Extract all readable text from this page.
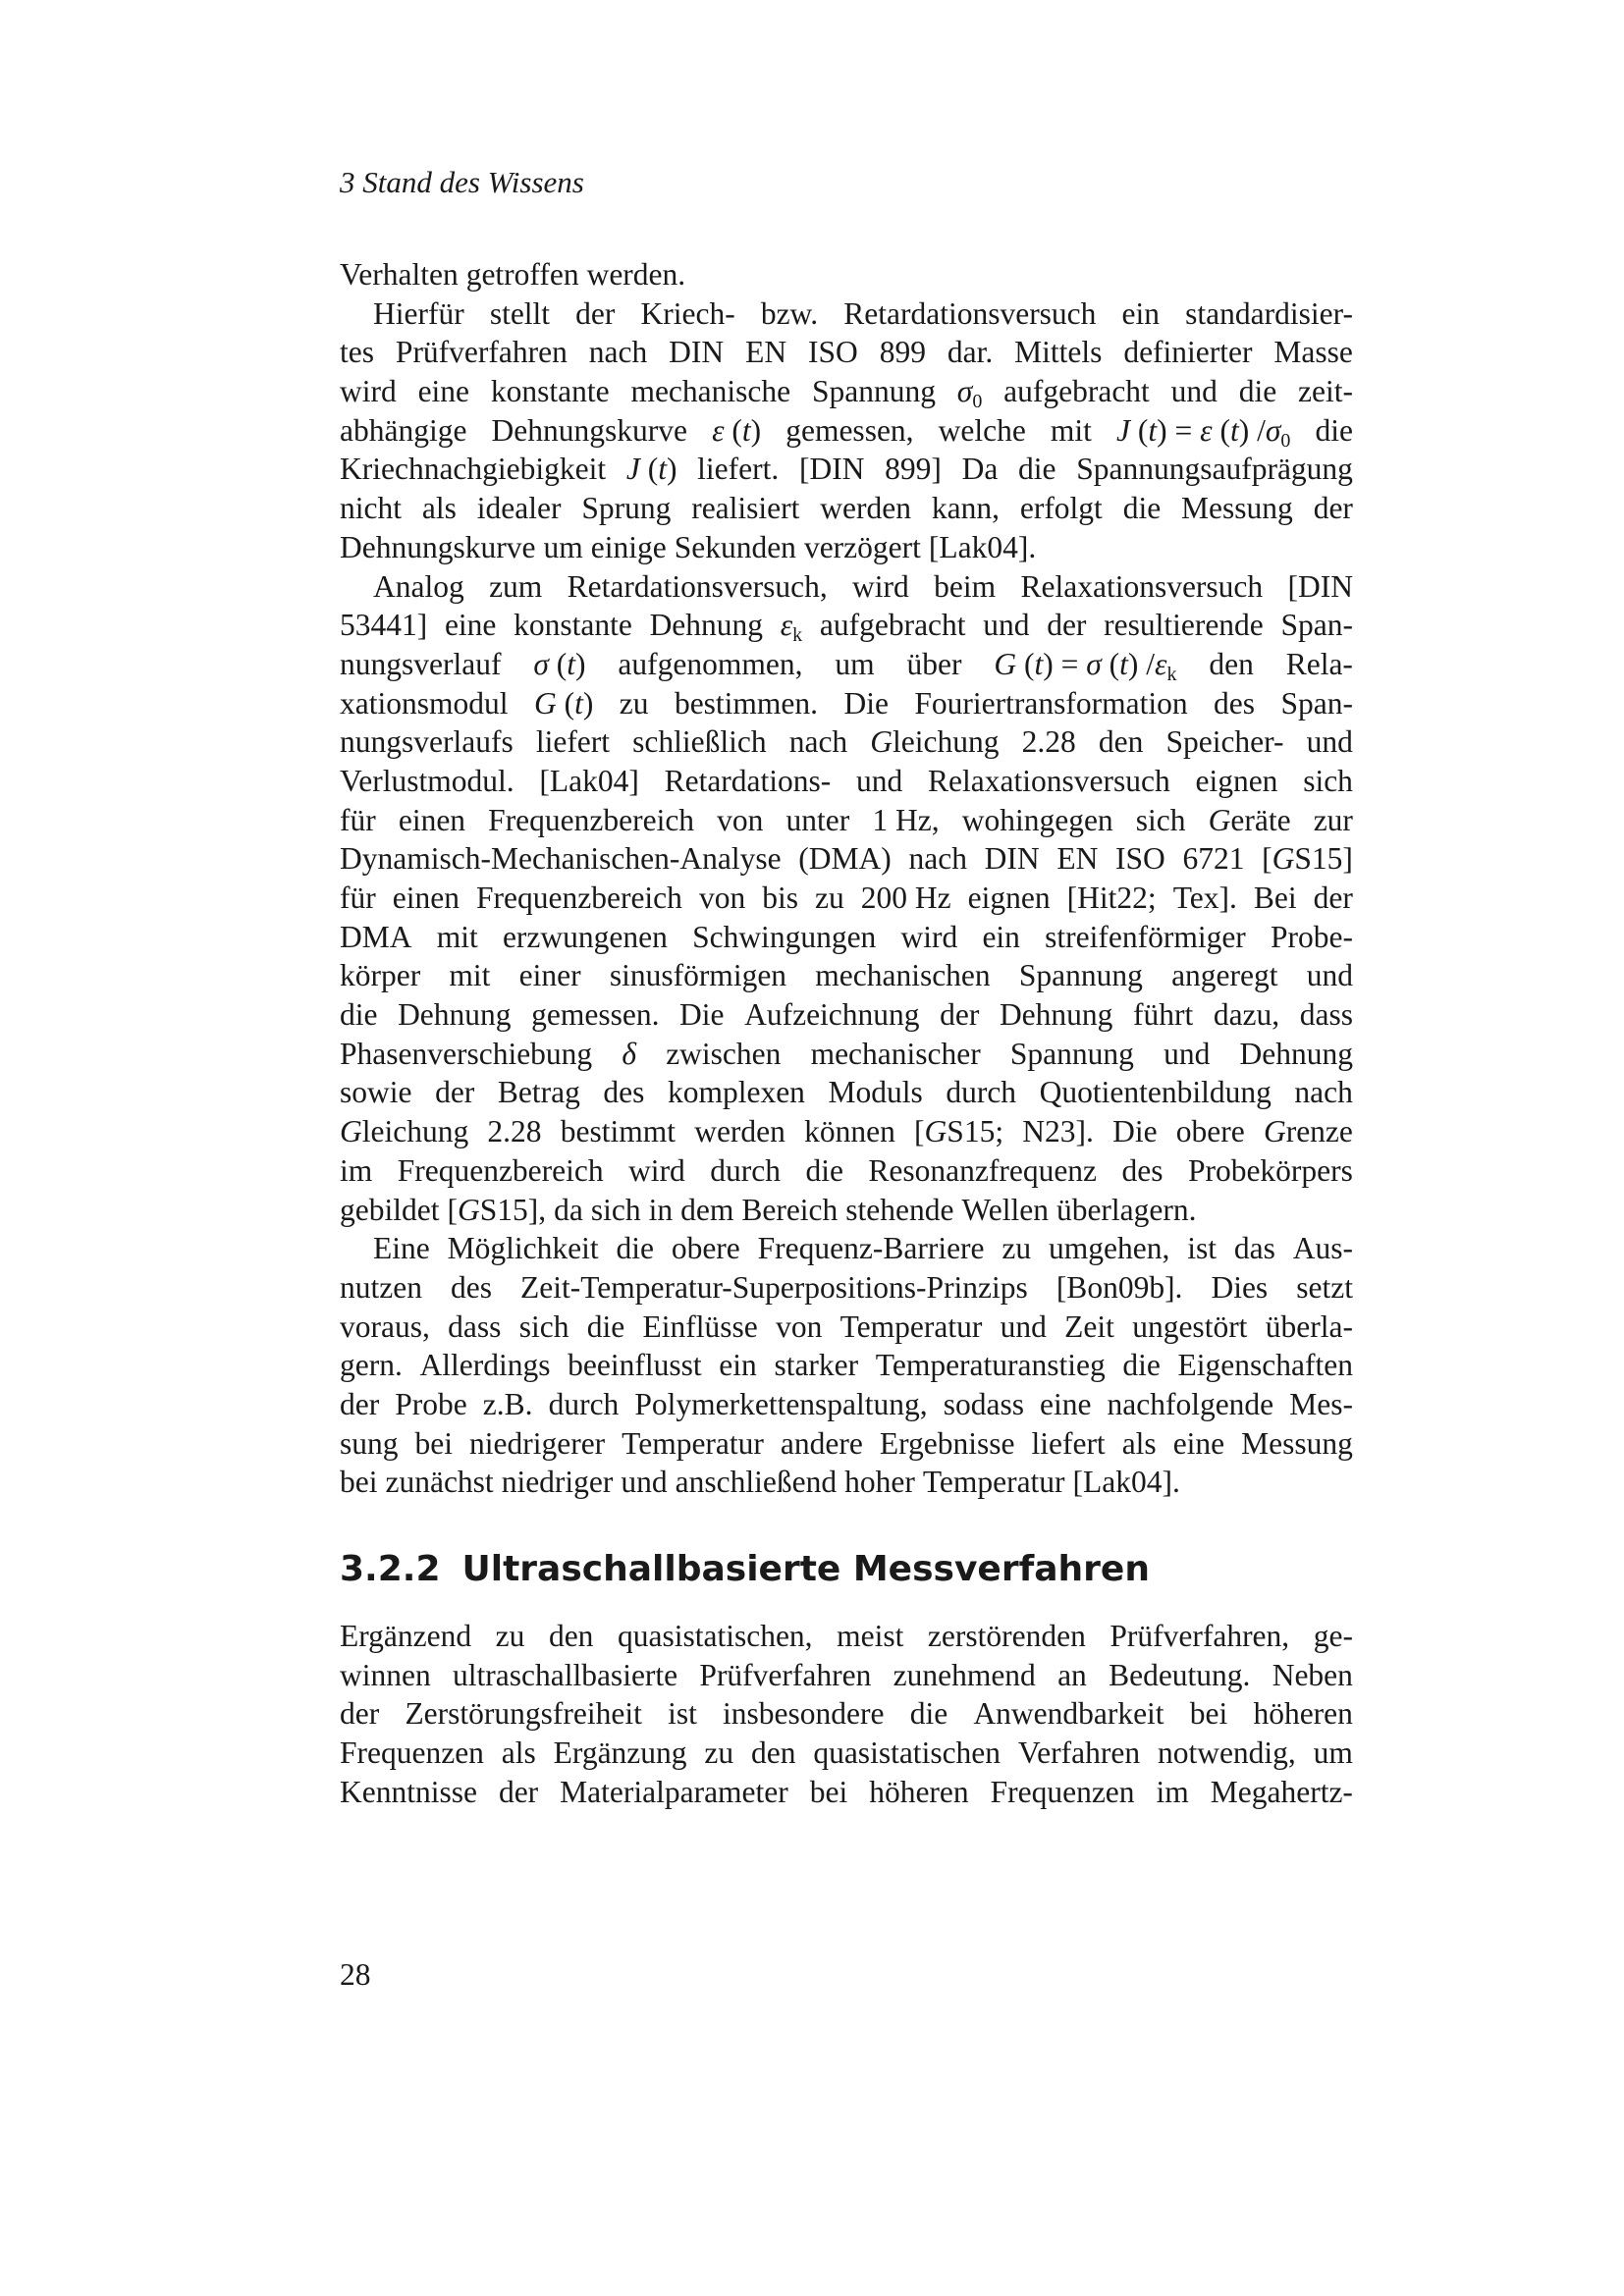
3 Stand des Wissens
Verhalten getroffen werden.
Hierfür stellt der Kriech- bzw. Retardationsversuch ein standardisier-
tes Prüfverfahren nach DIN EN ISO 899 dar. Mittels definierter Masse
wird eine konstante mechanische Spannung $\sigma_0$ aufgebracht und die zeit-
abhängige Dehnungskurve ε (t) gemessen, welche mit J (t) = ε (t) $/\sigma_0$ die
Kriechnachgiebigkeit J (t) liefert. [DIN 899] Da die Spannungsaufprägung
nicht als idealer Sprung realisiert werden kann, erfolgt die Messung der
Dehnungskurve um einige Sekunden verzögert [Lak04].
Analog zum Retardationsversuch, wird beim Relaxationsversuch [DIN
53441] eine konstante Dehnung $\varepsilon_k$ aufgebracht und der resultierende Span-
nungsverlauf σ (t) aufgenommen, um über G (t) = σ (t) $/\varepsilon_k$ den Rela-
xationsmodul G (t) zu bestimmen. Die Fouriertransformation des Span-
nungsverlaufs liefert schließlich nach Gleichung 2.28 den Speicher- und
Verlustmodul. [Lak04] Retardations- und Relaxationsversuch eignen sich
für einen Frequenzbereich von unter 1 Hz, wohingegen sich Geräte zur
Dynamisch-Mechanischen-Analyse (DMA) nach DIN EN ISO 6721 [GS15]
für einen Frequenzbereich von bis zu 200 Hz eignen [Hit22; Tex]. Bei der
DMA mit erzwungenen Schwingungen wird ein streifenförmiger Probe-
körper mit einer sinusförmigen mechanischen Spannung angeregt und
die Dehnung gemessen. Die Aufzeichnung der Dehnung führt dazu, dass
Phasenverschiebung δ zwischen mechanischer Spannung und Dehnung
sowie der Betrag des komplexen Moduls durch Quotientenbildung nach
Gleichung 2.28 bestimmt werden können [GS15; N23]. Die obere Grenze
im Frequenzbereich wird durch die Resonanzfrequenz des Probekörpers
gebildet [GS15], da sich in dem Bereich stehende Wellen überlagern.
Eine Möglichkeit die obere Frequenz-Barriere zu umgehen, ist das Aus-
nutzen des Zeit-Temperatur-Superpositions-Prinzips [Bon09b]. Dies setzt
voraus, dass sich die Einflüsse von Temperatur und Zeit ungestört überla-
gern. Allerdings beeinflusst ein starker Temperaturanstieg die Eigenschaften
der Probe z.B. durch Polymerkettenspaltung, sodass eine nachfolgende Mes-
sung bei niedrigerer Temperatur andere Ergebnisse liefert als eine Messung
bei zunächst niedriger und anschließend hoher Temperatur [Lak04].
3.2.2 Ultraschallbasierte Messverfahren
Ergänzend zu den quasistatischen, meist zerstörenden Prüfverfahren, ge-
winnen ultraschallbasierte Prüfverfahren zunehmend an Bedeutung. Neben
der Zerstörungsfreiheit ist insbesondere die Anwendbarkeit bei höheren
Frequenzen als Ergänzung zu den quasistatischen Verfahren notwendig, um
Kenntnisse der Materialparameter bei höheren Frequenzen im Megahertz-
28
